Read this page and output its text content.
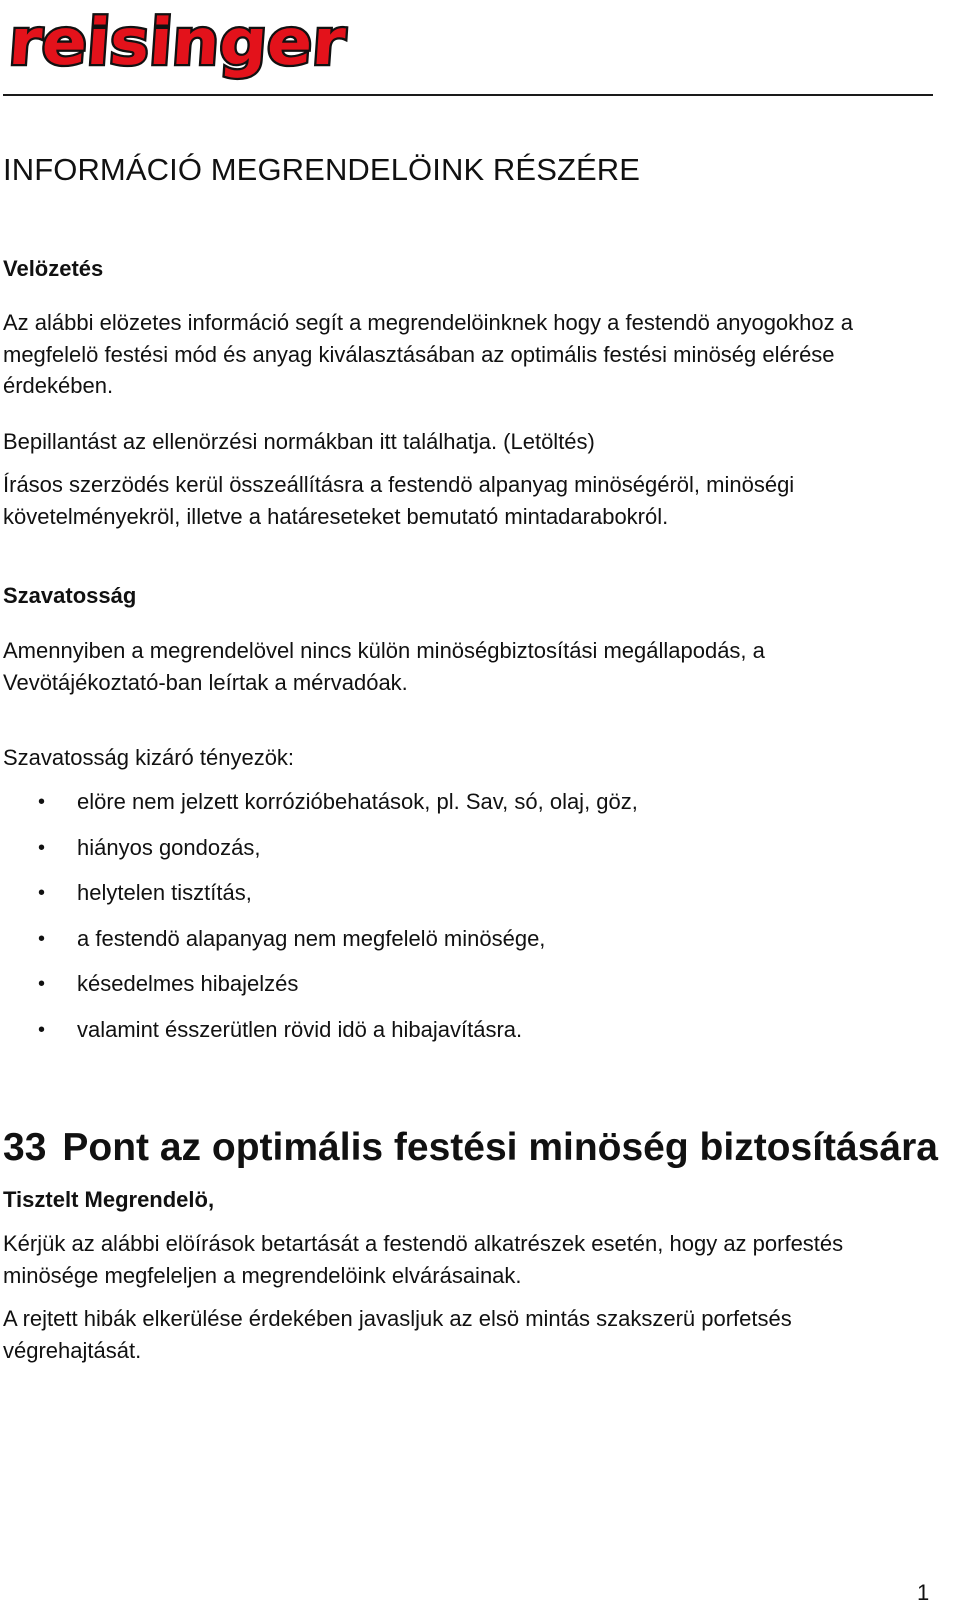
reisinger
INFORMÁCIÓ MEGRENDELÖINK RÉSZÉRE
Velözetés

Az alábbi elözetes információ segít a megrendelöinknek hogy a festendö anyogokhoz a megfelelö festési mód és anyag kiválasztásában az optimális festési minöség elérése érdekében.

Bepillantást az ellenörzési normákban itt találhatja. (Letöltés)

Írásos szerzödés kerül összeállításra a festendö alpanyag minöségéröl, minöségi követelményekröl, illetve a határeseteket bemutató mintadarabokról.

Szavatosság

Amennyiben a megrendelövel nincs külön minöségbiztosítási megállapodás, a Vevötájékoztató-ban leírtak a mérvadóak.

Szavatosság kizáró tényezök:

• elöre nem jelzett korrózióbehatások, pl. Sav, só, olaj, göz,
• hiányos gondozás,
• helytelen tisztítás,
• a festendö alapanyag nem megfelelö minösége,
• késedelmes hibajelzés
• valamint ésszerütlen rövid idö a hibajavításra.
33 Pont az optimális festési minöség biztosítására
Tisztelt Megrendelö,

Kérjük az alábbi elöírások betartását a festendö alkatrészek esetén, hogy az porfestés minösége megfeleljen a megrendelöink elvárásainak.

A rejtett hibák elkerülése érdekében javasljuk az elsö mintás szakszerü porfetsés végrehajtását.

1
